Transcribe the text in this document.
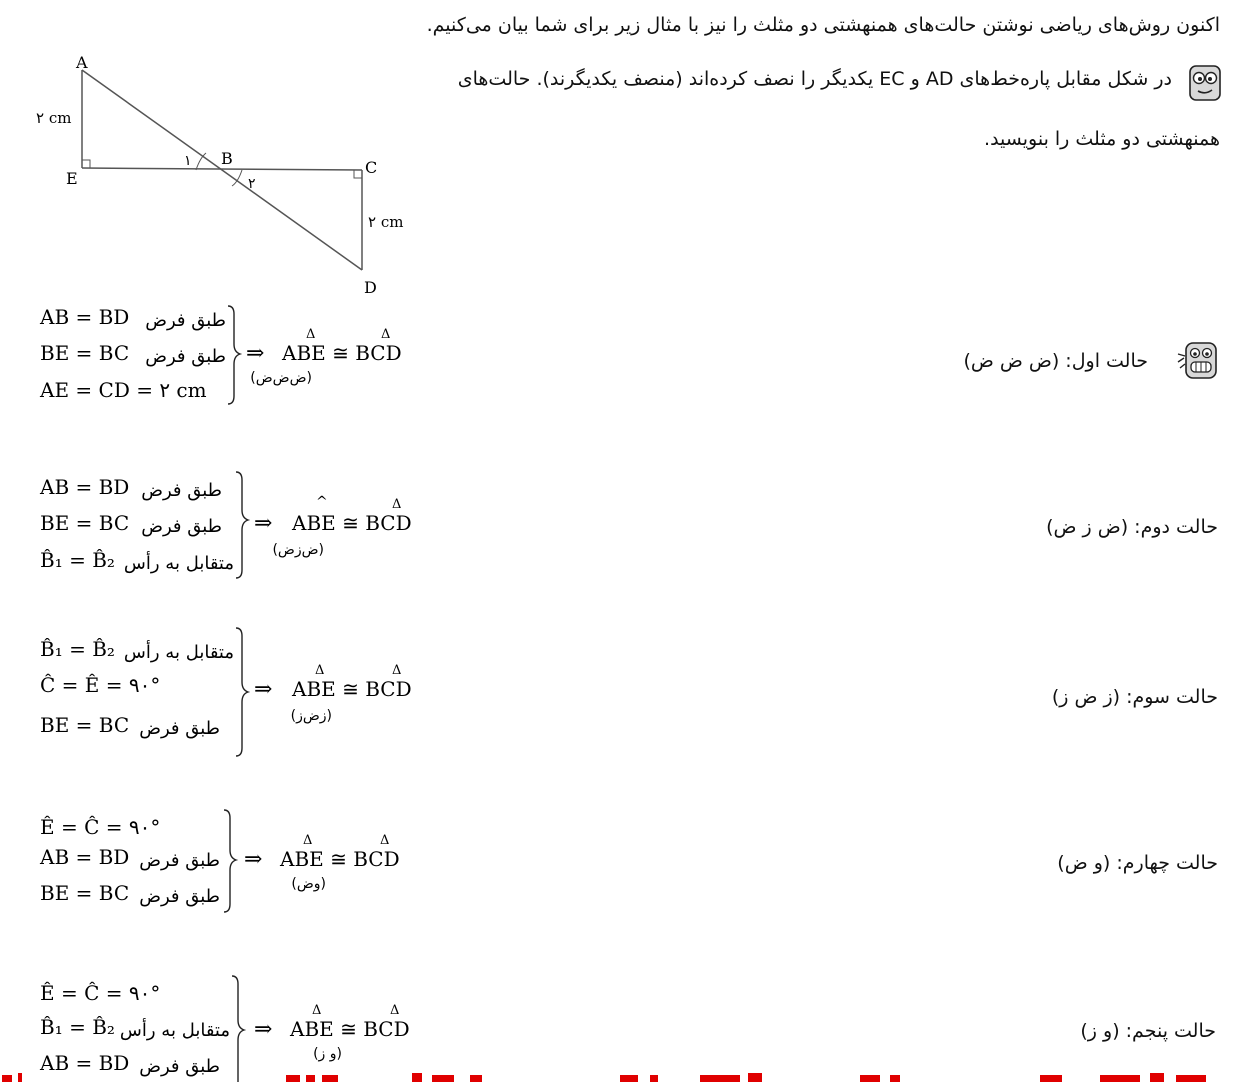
اکنون روش‌های ریاضی نوشتن حالت‌های همنهشتی دو مثلث را نیز با مثال زیر برای شما بیان می‌کنیم.
در شکل مقابل پاره‌خط‌های AD و EC یکدیگر را نصف کرده‌اند (منصف یکدیگرند). حالت‌های
همنهشتی دو مثلث را بنویسید.
A
B	C
D
E
۱
۲
۲ cm
۲ cm
حالت اول: (ض ض ض)
AB = BD طبق فرض
BE = BC طبق فرض
AE = CD = ۲ cm
⇒ ABE ≅ BCD
Δ	Δ
(ض‌ض‌ض)
حالت دوم: (ض ز ض)
AB = BD طبق فرض
BE = BC طبق فرض
B̂₁ = B̂₂ متقابل به رأس
⇒ ABE ≅ BCD
^	Δ
(ض‌ز‌ض)
حالت سوم: (ز ض ز)
B̂₁ = B̂₂ متقابل به رأس
Ĉ = Ê = ۹۰°
BE = BC طبق فرض
⇒ ABE ≅ BCD
Δ	Δ
(ز‌ض‌ز)
حالت چهارم: (و ض)
Ê = Ĉ = ۹۰°
AB = BD طبق فرض
BE = BC طبق فرض
⇒ ABE ≅ BCD
Δ	Δ
(و‌ض)
حالت پنجم: (و ز)
Ê = Ĉ = ۹۰°
B̂₁ = B̂₂ متقابل به رأس
AB = BD طبق فرض
⇒ ABE ≅ BCD
Δ	Δ
(و ز)
